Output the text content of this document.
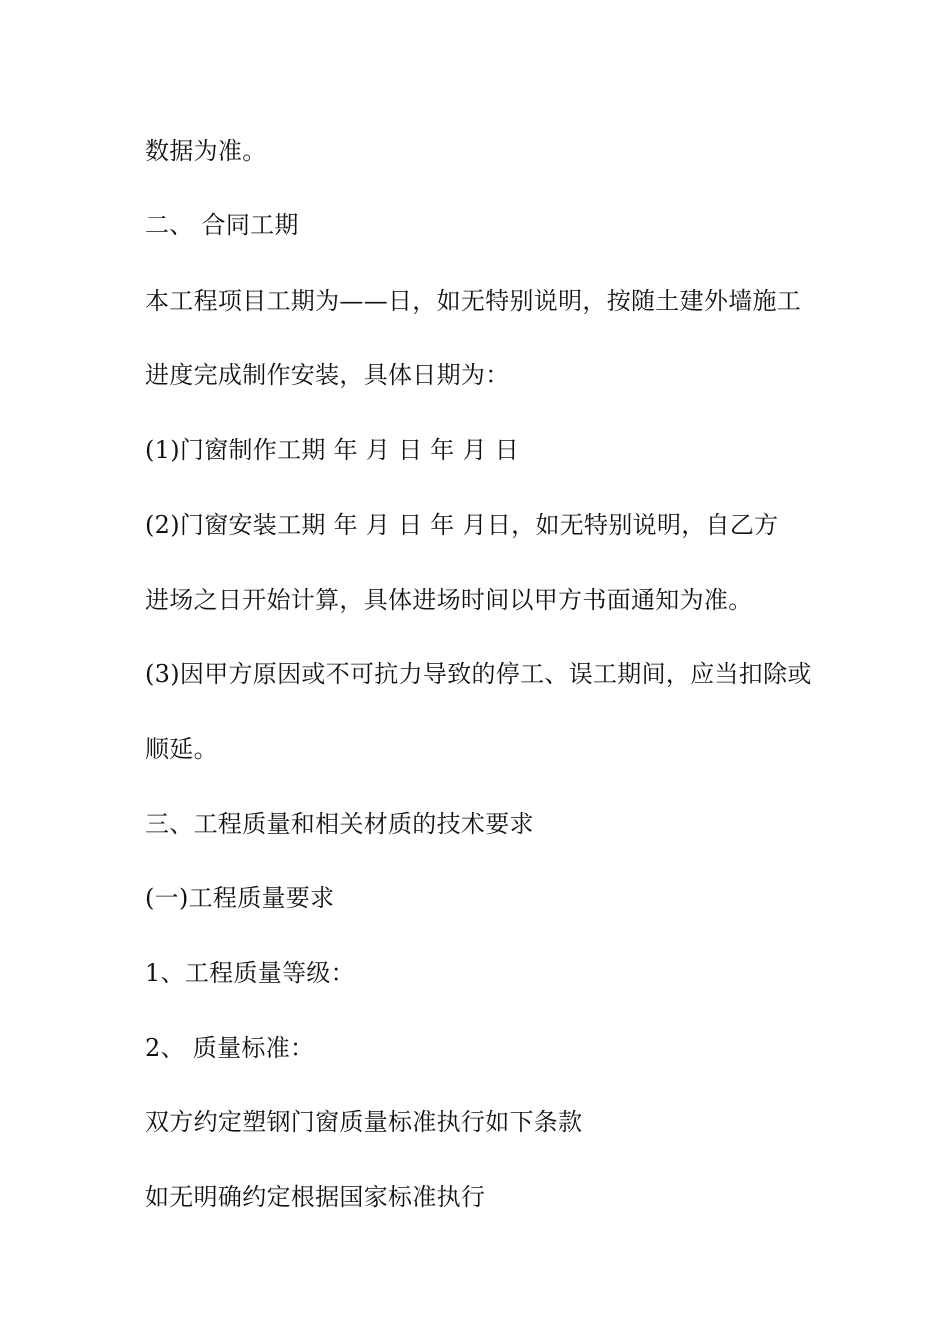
数据为准。
二、 合同工期
本工程项目工期为——日，如无特别说明，按随土建外墙施工
进度完成制作安装，具体日期为：
(1)门窗制作工期 年 月 日 年 月 日
(2)门窗安装工期 年 月 日 年 月日，如无特别说明，自乙方
进场之日开始计算，具体进场时间以甲方书面通知为准。
(3)因甲方原因或不可抗力导致的停工、误工期间，应当扣除或
顺延。
三、工程质量和相关材质的技术要求
(一)工程质量要求
1、工程质量等级：
2、 质量标准：
双方约定塑钢门窗质量标准执行如下条款
如无明确约定根据国家标准执行
